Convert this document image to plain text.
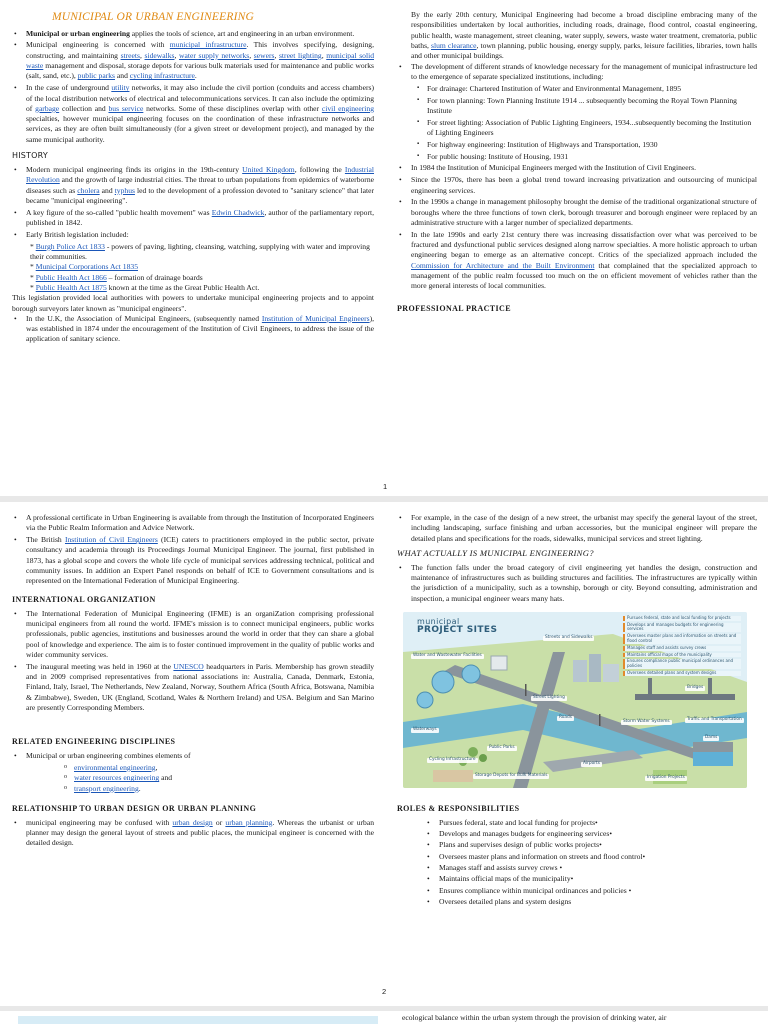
MUNICIPAL OR URBAN ENGINEERING
• Municipal or urban engineering applies the tools of science, art and engineering in an urban environment.
• Municipal engineering is concerned with municipal infrastructure. This involves specifying, designing, constructing, and maintaining streets, sidewalks, water supply networks, sewers, street lighting, municipal solid waste management and disposal, storage depots for various bulk materials used for maintenance and public works (salt, sand, etc.), public parks and cycling infrastructure.
• In the case of underground utility networks, it may also include the civil portion (conduits and access chambers) of the local distribution networks of electrical and telecommunications services. It can also include the optimizing of garbage collection and bus service networks. Some of these disciplines overlap with other civil engineering specialties, however municipal engineering focuses on the coordination of these infrastructure networks and services, as they are often built simultaneously (for a given street or development project), and managed by the same municipal authority.
HISTORY
• Modern municipal engineering finds its origins in the 19th-century United Kingdom, following the Industrial Revolution and the growth of large industrial cities. The threat to urban populations from epidemics of waterborne diseases such as cholera and typhus led to the development of a profession devoted to "sanitary science" that later became "municipal engineering".
• A key figure of the so-called "public health movement" was Edwin Chadwick, author of the parliamentary report, published in 1842.
• Early British legislation included:
* Burgh Police Act 1833 - powers of paving, lighting, cleansing, watching, supplying with water and improving their communities.
* Municipal Corporations Act 1835
* Public Health Act 1866 – formation of drainage boards
* Public Health Act 1875 known at the time as the Great Public Health Act.

This legislation provided local authorities with powers to undertake municipal engineering projects and to appoint borough surveyors later known as "municipal engineers".

• In the U.K, the Association of Municipal Engineers, (subsequently named Institution of Municipal Engineers), was established in 1874 under the encouragement of the Institution of Civil Engineers, to address the issue of the application of sanitary science.

By the early 20th century, Municipal Engineering had become a broad discipline embracing many of the responsibilities undertaken by local authorities, including roads, drainage, flood control, coastal engineering, public health, waste management, street cleaning, water supply, sewers, waste water treatment, crematoria, public baths, slum clearance, town planning, public housing, energy supply, parks, leisure facilities, libraries, town halls and other municipal buildings.

• The development of different strands of knowledge necessary for the management of municipal infrastructure led to the emergence of separate specialized institutions, including:
▪ For drainage: Chartered Institution of Water and Environmental Management, 1895
▪ For town planning: Town Planning Institute 1914 ... subsequently becoming the Royal Town Planning Institute
▪ For street lighting: Association of Public Lighting Engineers, 1934...subsequently becoming the Institution of Lighting Engineers
▪ For highway engineering: Institution of Highways and Transportation, 1930
▪ For public housing: Institute of Housing, 1931
• In 1984 the Institution of Municipal Engineers merged with the Institution of Civil Engineers.
• Since the 1970s, there has been a global trend toward increasing privatization and outsourcing of municipal engineering services.
• In the 1990s a change in management philosophy brought the demise of the traditional organizational structure of boroughs where the three functions of town clerk, borough treasurer and borough engineer were replaced by an administrative structure with a larger number of specialized departments.
• In the late 1990s and early 21st century there was increasing dissatisfaction over what was perceived to be fractured and dysfunctional public services designed along narrow specialties. A more holistic approach to urban engineering began to emerge as an alternative concept. Critics of the specialized approach included the Commission for Architecture and the Built Environment that complained that the specialized approach to management of the public realm focussed too much on the on efficient movement of vehicles rather than the more general interests of local communities.
PROFESSIONAL PRACTICE
1
• A professional certificate in Urban Engineering is available from through the Institution of Incorporated Engineers via the Public Realm Information and Advice Network.
• The British Institution of Civil Engineers (ICE) caters to practitioners employed in the public sector, private consultancy and academia through its Proceedings Journal Municipal Engineer. The journal, first published in 1873, has a global scope and covers the whole life cycle of municipal services addressing technical, political and community issues. In addition an Expert Panel responds on behalf of ICE to Government consultations and is represented on the International Federation of Municipal Engineering.
INTERNATIONAL ORGANIZATION
• The International Federation of Municipal Engineering (IFME) is an organiZation comprising professional municipal engineers from all round the world. IFME's mission is to connect municipal engineers, public works professionals, public agencies, institutions and businesses around the world in order that they can share a global pool of knowledge and experience. The aim is to foster continued improvement in the quality of public works and wider community services.
• The inaugural meeting was held in 1960 at the UNESCO headquarters in Paris. Membership has grown steadily and in 2009 comprised representatives from national associations in: Australia, Canada, Denmark, Estonia, Finland, Italy, Israel, The Netherlands, New Zealand, Norway, Southern Africa (South Africa, Botswana, Namibia & Zimbabwe), Sweden, UK (England, Scotland, Wales & Northern Ireland) and USA. Belgium and San Marino are presently Corresponding Members.
RELATED ENGINEERING DISCIPLINES
• Municipal or urban engineering combines elements of
o environmental engineering,
o water resources engineering and
o transport engineering.
RELATIONSHIP TO URBAN DESIGN OR URBAN PLANNING
• municipal engineering may be confused with urban design or urban planning. Whereas the urbanist or urban planner may design the general layout of streets and public places, the municipal engineer is concerned with the detailed design.
• For example, in the case of the design of a new street, the urbanist may specify the general layout of the street, including landscaping, surface finishing and urban accessories, but the municipal engineer will prepare the detailed plans and specifications for the roads, sidewalks, municipal services and street lighting.
WHAT ACTUALLY IS MUNICIPAL ENGINEERING?
• The function falls under the broad category of civil engineering yet handles the design, construction and maintenance of infrastructures such as building structures and facilities. The infrastructures are typically within the jurisdiction of a municipality, such as a township, borough or city. Beyond consulting, administration and inspection, a municipal engineer wears many hats.
municipal
PROJECT SITES
Pursues federal, state and local funding for projects
Develops and manages budgets for engineering services
Oversees master plans and information on streets and flood control
Manages staff and assists survey crews
Maintains official maps of the municipality
Ensures compliance public municipal ordinances and policies
Oversees detailed plans and system designs
Water and Wastewater Facilities
Streets and Sidewalks
Street Lighting
Bridges
Waterways
Roads
Storm Water Systems	Traffic and Transportation
Public Parks
Airports
Cycling Infrastructure
Dams
Storage Depots for Bulk Materials	Irrigation Projects
ROLES & RESPONSIBILITIES
• Pursues federal, state and local funding for projects•
• Develops and manages budgets for engineering services•
• Plans and supervises design of public works projects•
• Oversees master plans and information on streets and flood control•
• Manages staff and assists survey crews •
• Maintains official maps of the municipality•
• Ensures compliance within municipal ordinances and policies •
• Oversees detailed plans and system designs
2
ecological balance within the urban system through the provision of drinking water, air
